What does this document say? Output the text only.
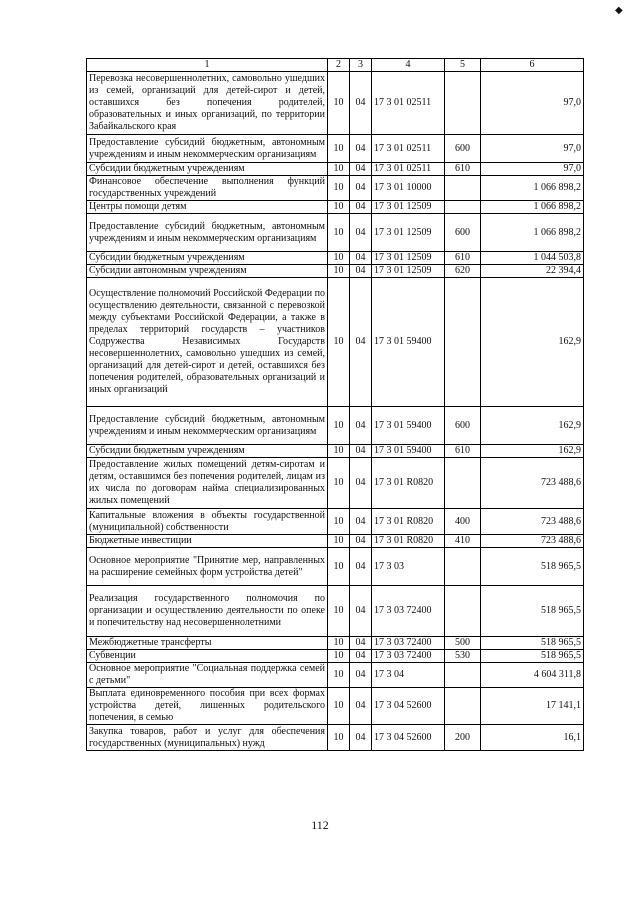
◆
1	2	3	4	5	6
Перевозка несовершеннолетних, самовольно ушедших из семей, организаций для детей-сирот и детей, оставшихся без попечения родителей, образовательных и иных организаций, по территории Забайкальского края	10	04	17 3 01 02511		97,0
Предоставление субсидий бюджетным, автономным учреждениям и иным некоммерческим организациям	10	04	17 3 01 02511	600	97,0
Субсидии бюджетным учреждениям	10	04	17 3 01 02511	610	97,0
Финансовое обеспечение выполнения функций государственных учреждений	10	04	17 3 01 10000		1 066 898,2
Центры помощи детям	10	04	17 3 01 12509		1 066 898,2
Предоставление субсидий бюджетным, автономным учреждениям и иным некоммерческим организациям	10	04	17 3 01 12509	600	1 066 898,2
Субсидии бюджетным учреждениям	10	04	17 3 01 12509	610	1 044 503,8
Субсидии автономным учреждениям	10	04	17 3 01 12509	620	22 394,4
Осуществление полномочий Российской Федерации по осуществлению деятельности, связанной с перевозкой между субъектами Российской Федерации, а также в пределах территорий государств – участников Содружества Независимых Государств несовершеннолетних, самовольно ушедших из семей, организаций для детей-сирот и детей, оставшихся без попечения родителей, образовательных организаций и иных организаций	10	04	17 3 01 59400		162,9
Предоставление субсидий бюджетным, автономным учреждениям и иным некоммерческим организациям	10	04	17 3 01 59400	600	162,9
Субсидии бюджетным учреждениям	10	04	17 3 01 59400	610	162,9
Предоставление жилых помещений детям-сиротам и детям, оставшимся без попечения родителей, лицам из их числа по договорам найма специализированных жилых помещений	10	04	17 3 01 R0820		723 488,6
Капитальные вложения в объекты государственной (муниципальной) собственности	10	04	17 3 01 R0820	400	723 488,6
Бюджетные инвестиции	10	04	17 3 01 R0820	410	723 488,6
Основное мероприятие "Принятие мер, направленных на расширение семейных форм устройства детей"	10	04	17 3 03		518 965,5
Реализация государственного полномочия по организации и осуществлению деятельности по опеке и попечительству над несовершеннолетними	10	04	17 3 03 72400		518 965,5
Межбюджетные трансферты	10	04	17 3 03 72400	500	518 965,5
Субвенции	10	04	17 3 03 72400	530	518 965,5
Основное мероприятие "Социальная поддержка семей с детьми"	10	04	17 3 04		4 604 311,8
Выплата единовременного пособия при всех формах устройства детей, лишенных родительского попечения, в семью	10	04	17 3 04 52600		17 141,1
Закупка товаров, работ и услуг для обеспечения государственных (муниципальных) нужд	10	04	17 3 04 52600	200	16,1
112
